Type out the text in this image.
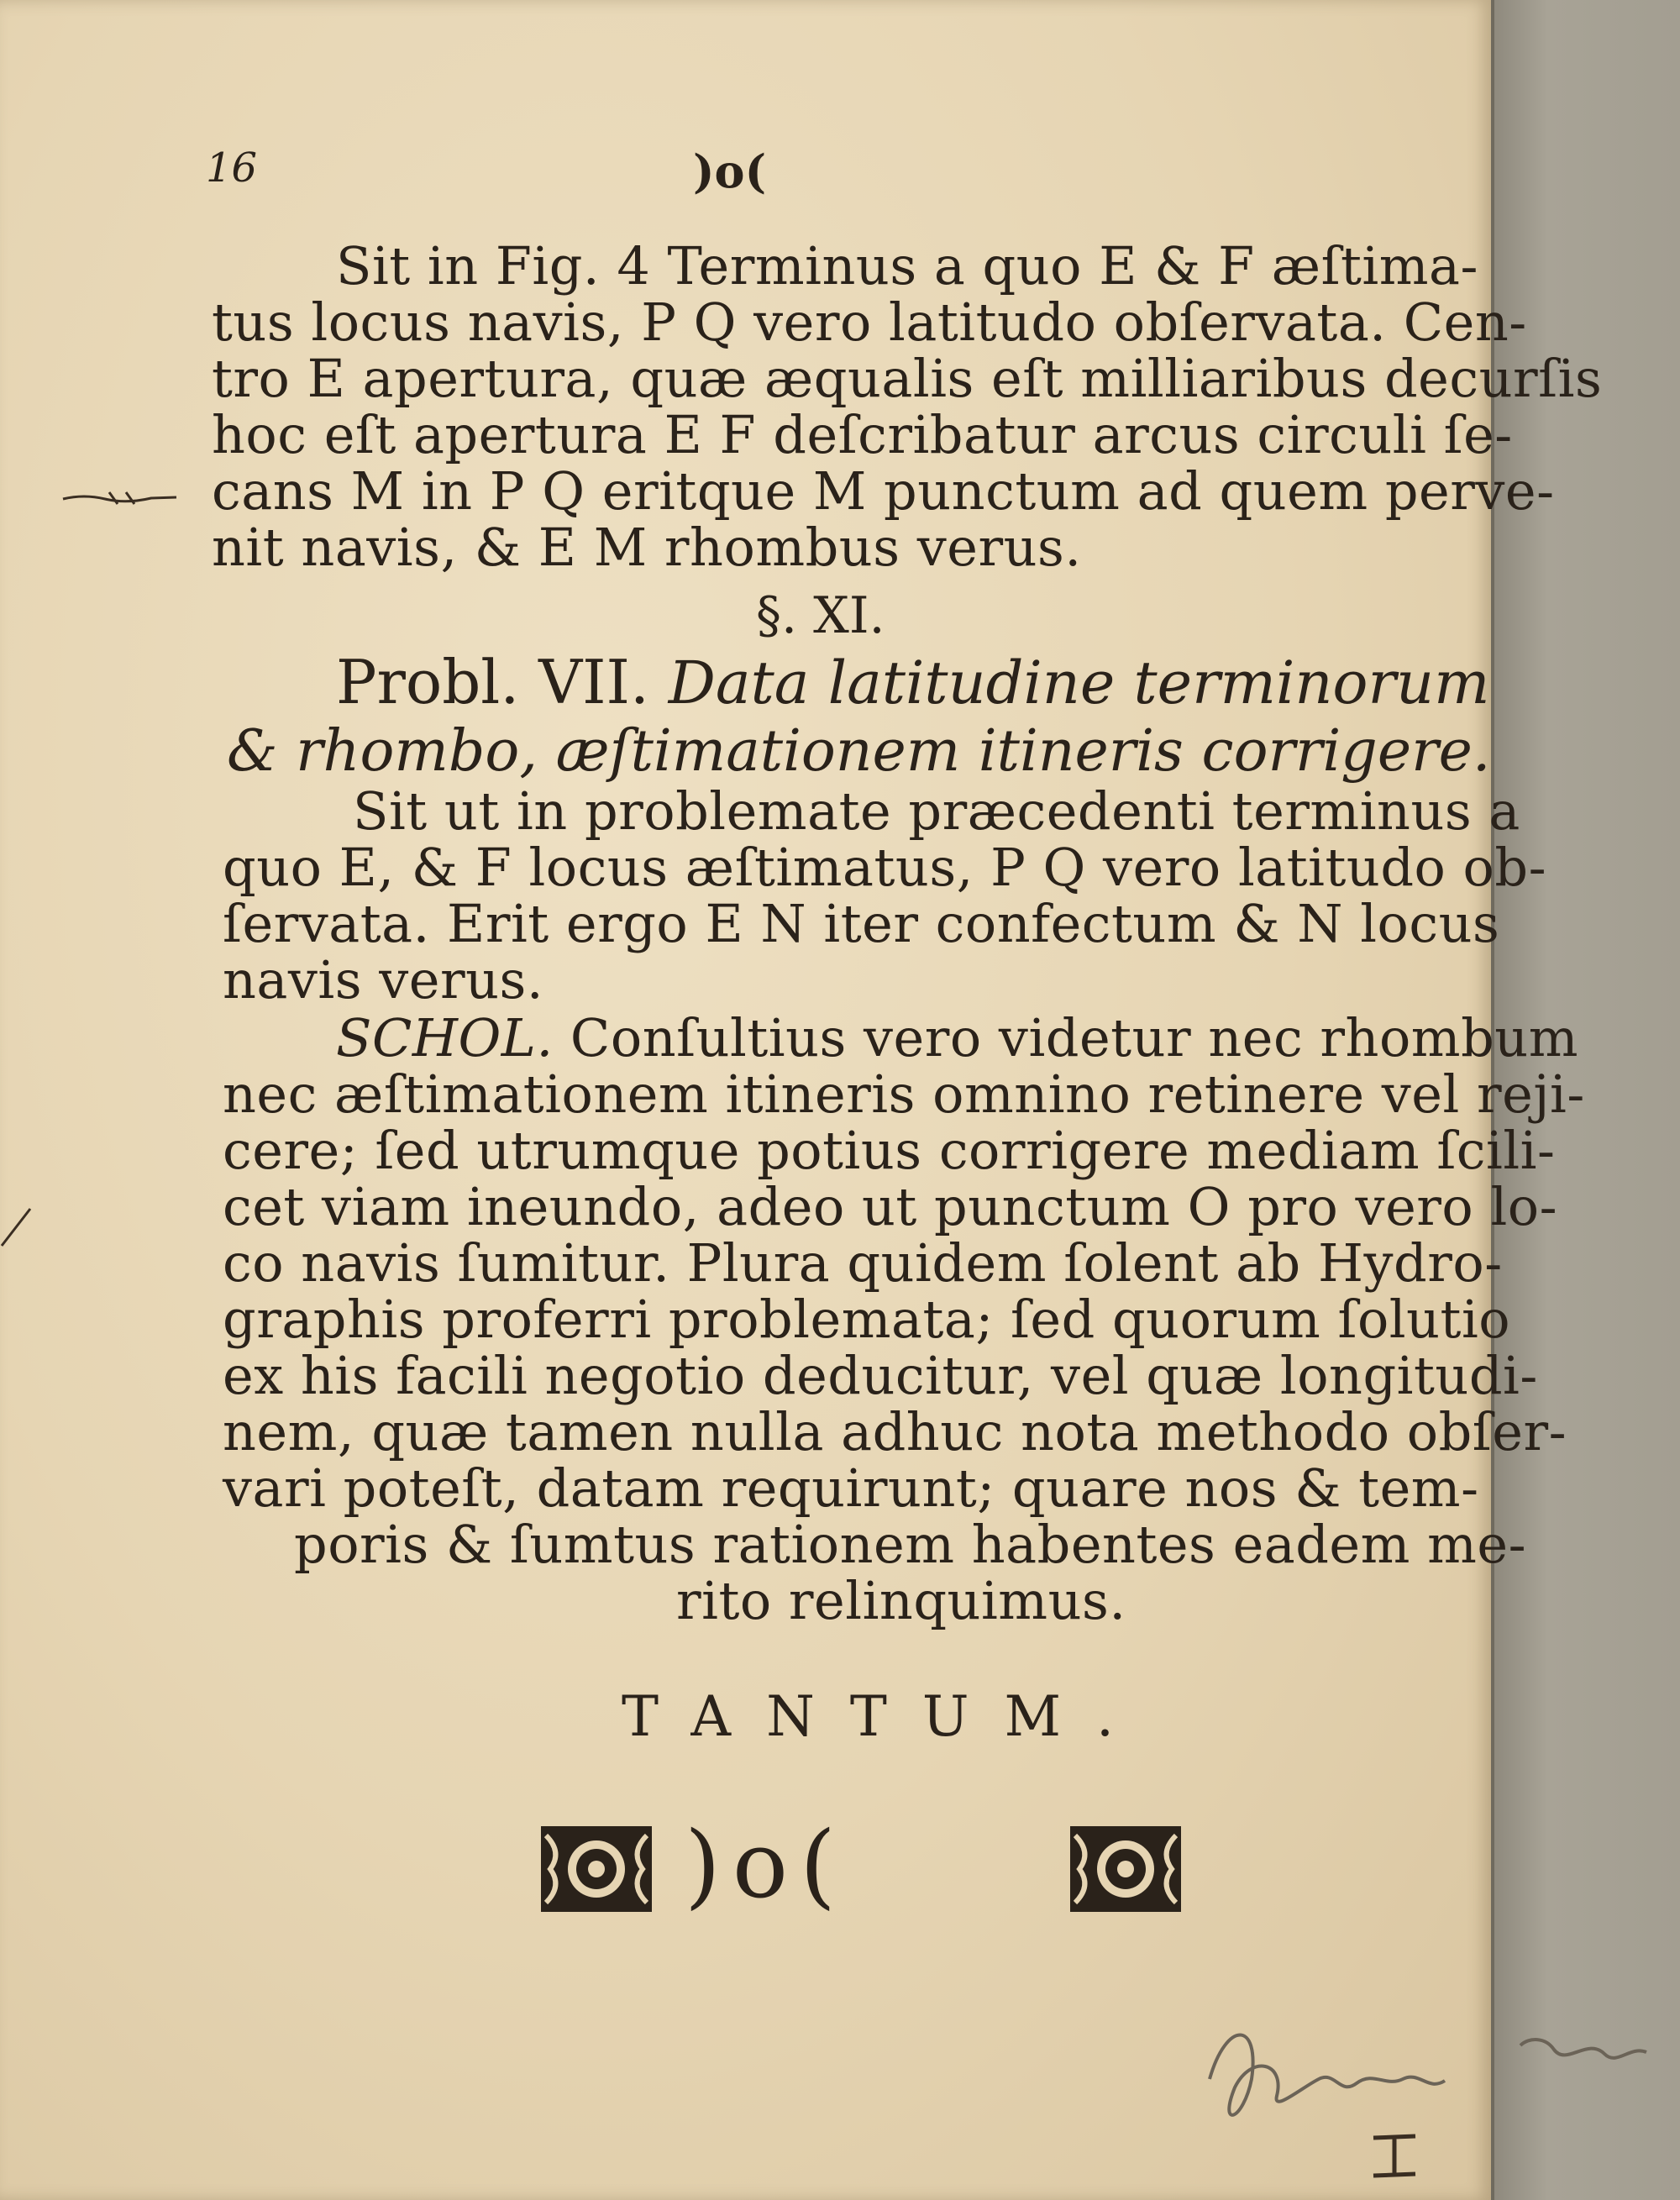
16	)o(
Sit in Fig. 4 Terminus a quo E & F æſtima-
tus locus navis, P Q vero latitudo obſervata. Cen-
tro E apertura, quæ æqualis eſt milliaribus decurſis
hoc eſt apertura E F deſcribatur arcus circuli ſe-
cans M in P Q eritque M punctum ad quem perve-
nit navis, & E M rhombus verus.
§. XI.
Probl. VII. Data latitudine terminorum
& rhombo, æſtimationem itineris corrigere.
Sit ut in problemate præcedenti terminus a
quo E, & F locus æſtimatus, P Q vero latitudo ob-
ſervata. Erit ergo E N iter confectum & N locus
navis verus.
SCHOL. Conſultius vero videtur nec rhombum
nec æſtimationem itineris omnino retinere vel reji-
cere; ſed utrumque potius corrigere mediam ſcili-
cet viam ineundo, adeo ut punctum O pro vero lo-
co navis ſumitur. Plura quidem ſolent ab Hydro-
graphis proferri problemata; ſed quorum ſolutio
ex his facili negotio deducitur, vel quæ longitudi-
nem, quæ tamen nulla adhuc nota methodo obſer-
vari poteſt, datam requirunt; quare nos & tem-
poris & ſumtus rationem habentes eadem me-
rito relinquimus.
TANTUM.
)o(
